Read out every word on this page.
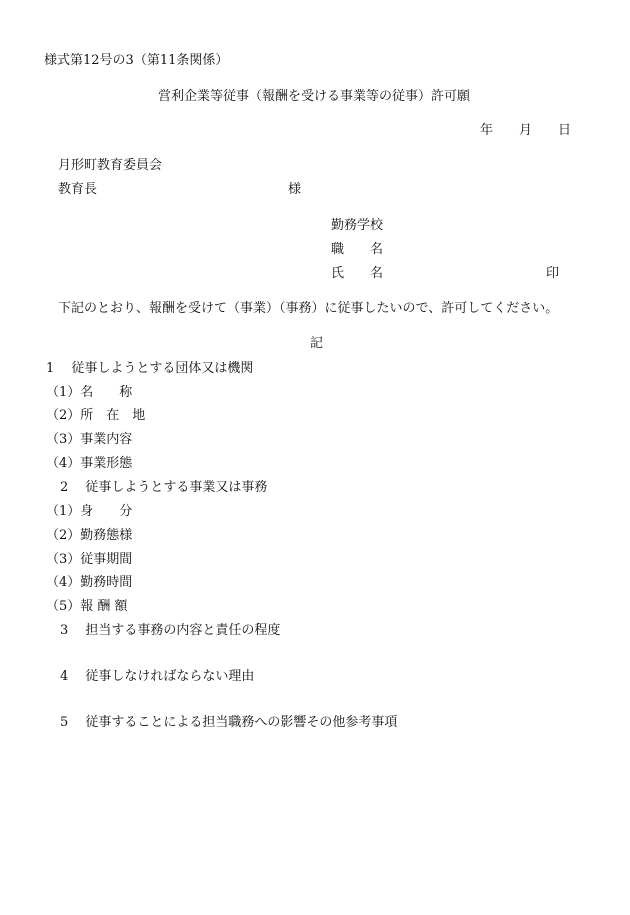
様式第12号の3（第11条関係）
営利企業等従事（報酬を受ける事業等の従事）許可願
年　　月　　日
月形町教育委員会
教育長	様
勤務学校
職　　名
氏　　名	印
下記のとおり、報酬を受けて（事業）（事務）に従事したいので、許可してください。
記
1　 従事しようとする団体又は機関
（1）名　　称
（2）所　在　地
（3）事業内容
（4）事業形態
2　 従事しようとする事業又は事務
（1）身　　分
（2）勤務態様
（3）従事期間
（4）勤務時間
（5）報 酬 額
3　 担当する事務の内容と責任の程度
4　 従事しなければならない理由
5　 従事することによる担当職務への影響その他参考事項
